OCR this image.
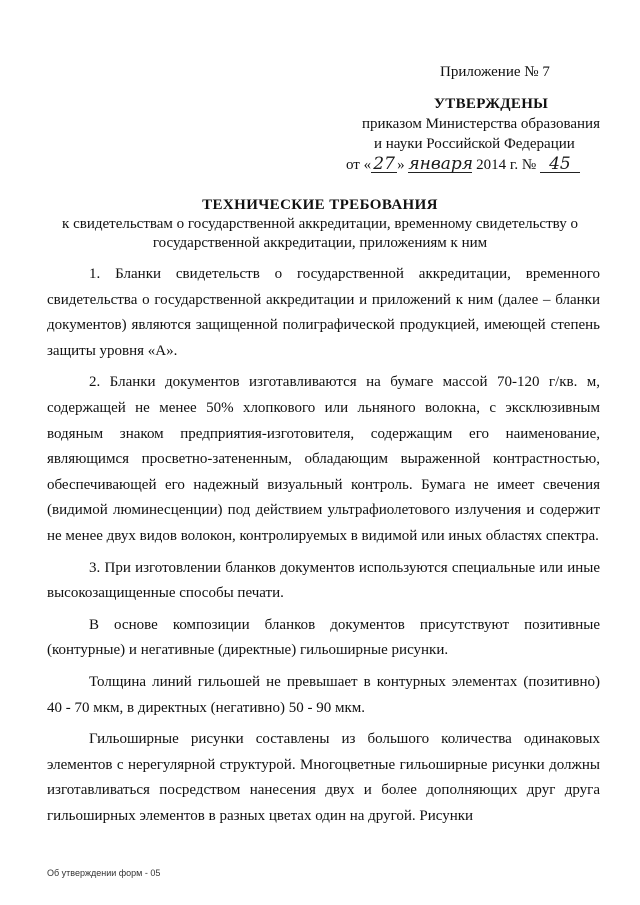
Приложение № 7
УТВЕРЖДЕНЫ
приказом Министерства образования
и науки Российской Федерации
от « 27 » января 2014 г. № 45
ТЕХНИЧЕСКИЕ ТРЕБОВАНИЯ
к свидетельствам о государственной аккредитации, временному свидетельству о государственной аккредитации, приложениям к ним

1. Бланки свидетельств о государственной аккредитации, временного свидетельства о государственной аккредитации и приложений к ним (далее – бланки документов) являются защищенной полиграфической продукцией, имеющей степень защиты уровня «А».

2. Бланки документов изготавливаются на бумаге массой 70-120 г/кв. м, содержащей не менее 50% хлопкового или льняного волокна, с эксклюзивным водяным знаком предприятия-изготовителя, содержащим его наименование, являющимся просветно-затененным, обладающим выраженной контрастностью, обеспечивающей его надежный визуальный контроль. Бумага не имеет свечения (видимой люминесценции) под действием ультрафиолетового излучения и содержит не менее двух видов волокон, контролируемых в видимой или иных областях спектра.

3. При изготовлении бланков документов используются специальные или иные высокозащищенные способы печати.

В основе композиции бланков документов присутствуют позитивные (контурные) и негативные (директные) гильоширные рисунки.

Толщина линий гильошей не превышает в контурных элементах (позитивно) 40 - 70 мкм, в директных (негативно) 50 - 90 мкм.

Гильоширные рисунки составлены из большого количества одинаковых элементов с нерегулярной структурой. Многоцветные гильоширные рисунки должны изготавливаться посредством нанесения двух и более дополняющих друг друга гильоширных элементов в разных цветах один на другой. Рисунки

Об утверждении форм - 05
